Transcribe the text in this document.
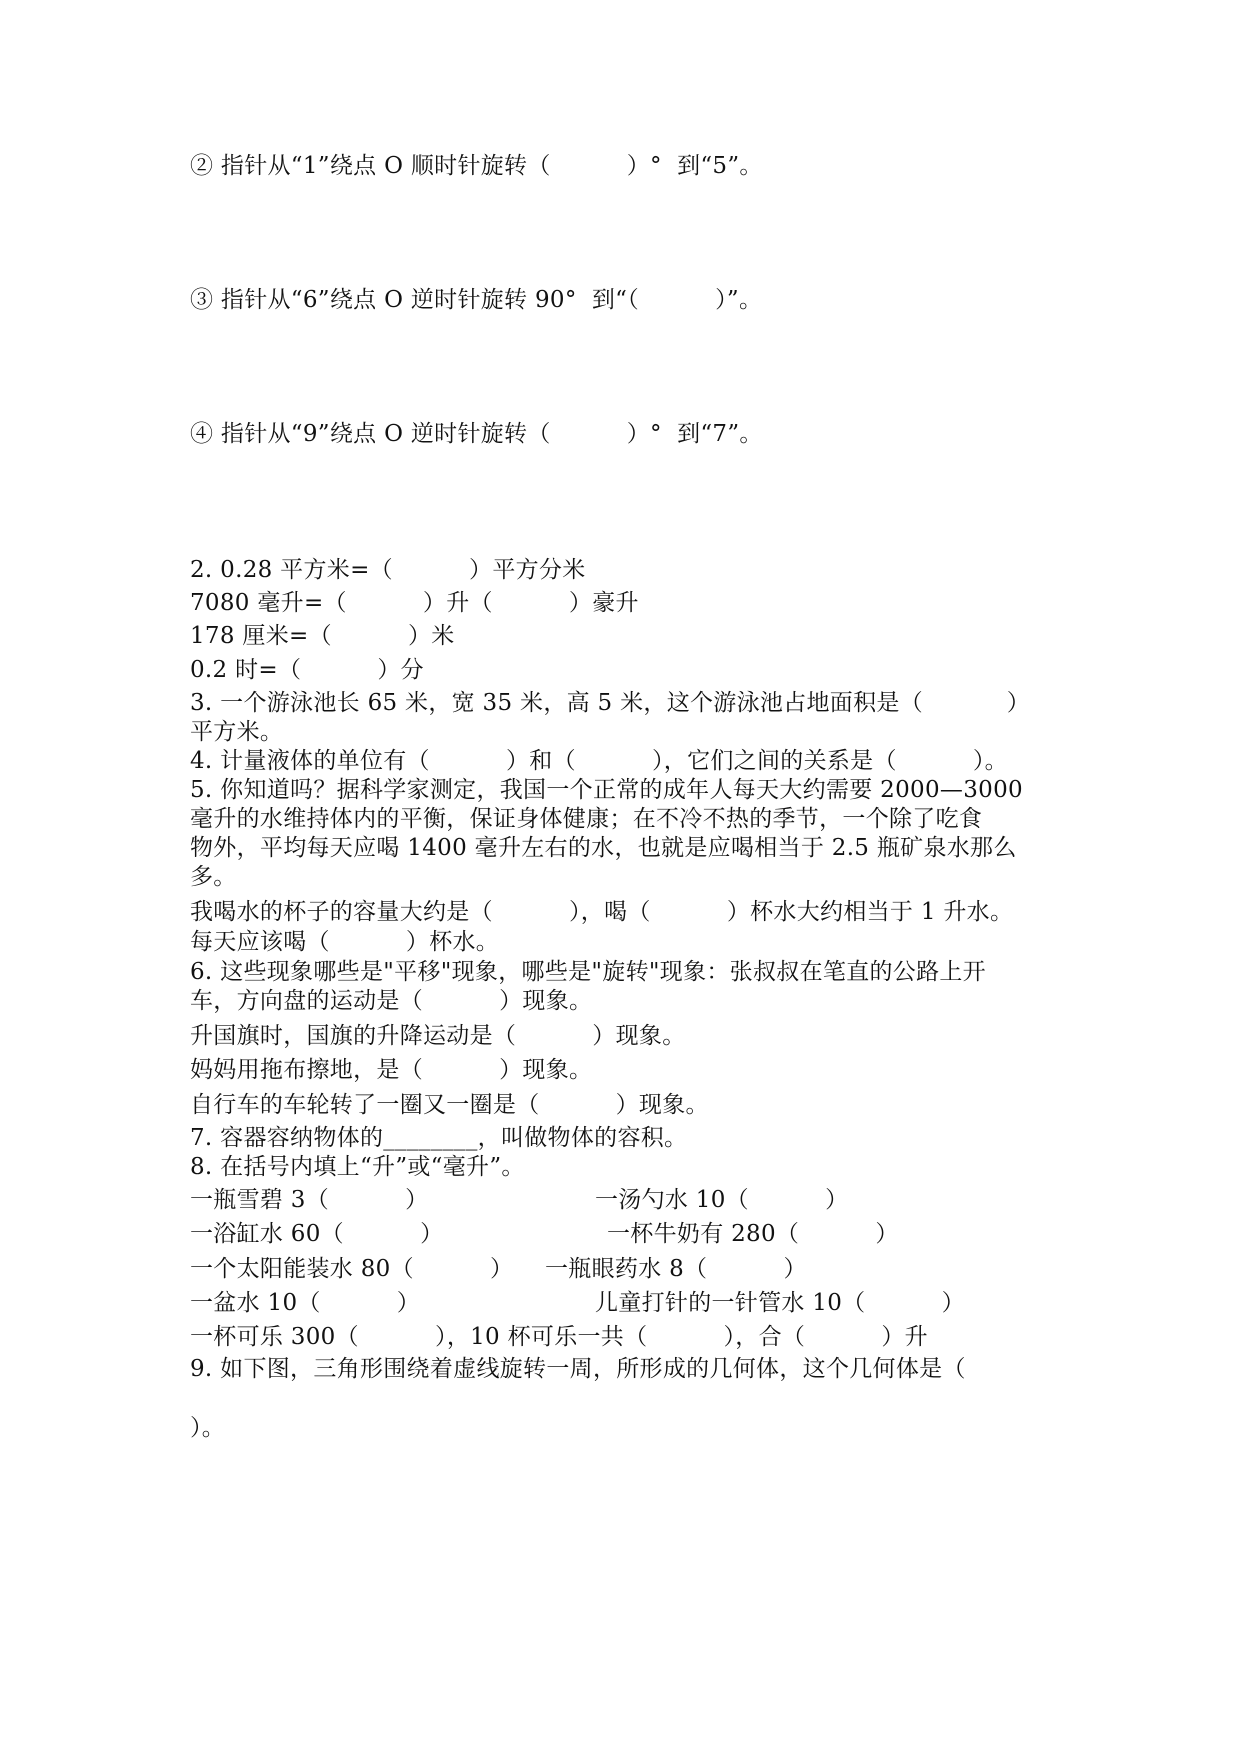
② 指针从“1”绕点 O 顺时针旋转（          ）°  到“5”。
③ 指针从“6”绕点 O 逆时针旋转 90°  到“（          ）”。
④ 指针从“9”绕点 O 逆时针旋转（          ）°  到“7”。
2. 0.28 平方米=（          ）平方分米
7080 毫升=（          ）升（          ）豪升
178 厘米=（          ）米
0.2 时=（          ）分
3. 一个游泳池长 65 米，宽 35 米，高 5 米，这个游泳池占地面积是（           ）
平方米。
4. 计量液体的单位有（          ）和（          ），它们之间的关系是（          ）。
5. 你知道吗？据科学家测定，我国一个正常的成年人每天大约需要 2000—3000
毫升的水维持体内的平衡，保证身体健康；在不冷不热的季节，一个除了吃食
物外，平均每天应喝 1400 毫升左右的水，也就是应喝相当于 2.5 瓶矿泉水那么
多。
我喝水的杯子的容量大约是（          ），喝（          ）杯水大约相当于 1 升水。
每天应该喝（          ）杯水。
6. 这些现象哪些是"平移"现象，哪些是"旋转"现象：张叔叔在笔直的公路上开
车，方向盘的运动是（          ）现象。
升国旗时，国旗的升降运动是（          ）现象。
妈妈用拖布擦地，是（          ）现象。
自行车的车轮转了一圈又一圈是（          ）现象。
7. 容器容纳物体的________，叫做物体的容积。
8. 在括号内填上“升”或“毫升”。
一瓶雪碧 3（          ）	一汤勺水 10（          ）
一浴缸水 60（          ）	一杯牛奶有 280（          ）
一个太阳能装水 80（          ） 一瓶眼药水 8（          ）
一盆水 10（          ）	儿童打针的一针管水 10（          ）
一杯可乐 300（          ），10 杯可乐一共（          ），合（          ）升
9. 如下图，三角形围绕着虚线旋转一周，所形成的几何体，这个几何体是（
）。
